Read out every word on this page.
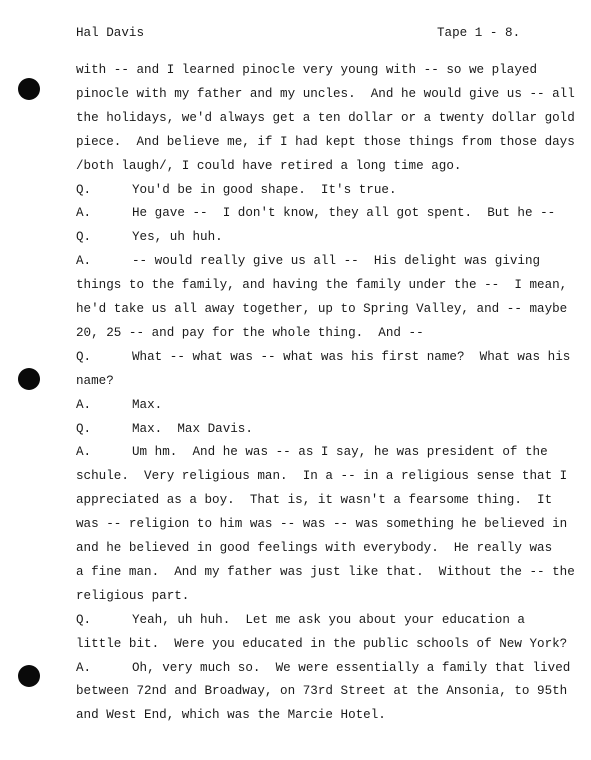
Hal Davis	Tape 1 - 8.
with -- and I learned pinocle very young with -- so we played
pinocle with my father and my uncles.  And he would give us -- all
the holidays, we'd always get a ten dollar or a twenty dollar gold
piece.  And believe me, if I had kept those things from those days
/both laugh/, I could have retired a long time ago.
Q.	You'd be in good shape.  It's true.
A.	He gave --  I don't know, they all got spent.  But he --
Q.	Yes, uh huh.
A.	-- would really give us all --  His delight was giving
things to the family, and having the family under the --  I mean,
he'd take us all away together, up to Spring Valley, and -- maybe
20, 25 -- and pay for the whole thing.  And --
Q.	What -- what was -- what was his first name?  What was his
name?
A.	Max.
Q.	Max.  Max Davis.
A.	Um hm.  And he was -- as I say, he was president of the
schule.  Very religious man.  In a -- in a religious sense that I
appreciated as a boy.  That is, it wasn't a fearsome thing.  It
was -- religion to him was -- was -- was something he believed in
and he believed in good feelings with everybody.  He really was
a fine man.  And my father was just like that.  Without the -- the
religious part.
Q.	Yeah, uh huh.  Let me ask you about your education a
little bit.  Were you educated in the public schools of New York?
A.	Oh, very much so.  We were essentially a family that lived
between 72nd and Broadway, on 73rd Street at the Ansonia, to 95th
and West End, which was the Marcie Hotel.
